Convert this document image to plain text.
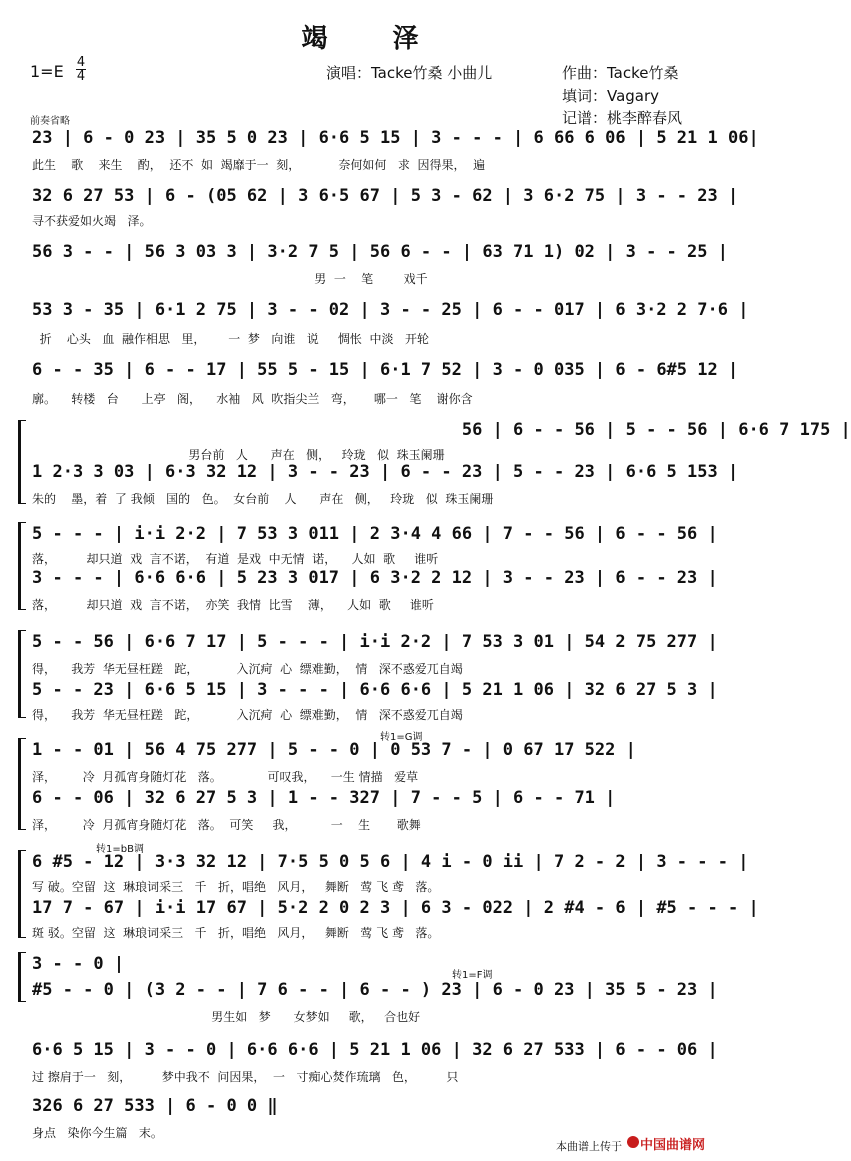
竭 泽
1=E 4
4	演唱：Tacke竹桑 小曲儿	作曲：Tacke竹桑
填词：Vagary
记谱：桃李醉春风
前奏省略
23 | 6 - 0 23 | 35 5 0 23 | 6·6 5 15 | 3 - - - | 6 66 6 06 | 5 21 1 06|
此生    歌    来生    酌，  还不  如  竭靡于一  刻，          奈何如何   求  因得果，  遍
32 6 27 53 | 6 - (05 62 | 3 6·5 67 | 5 3 - 62 | 3 6·2 75 | 3 - - 23 |
寻不获爱如火竭   泽。
56 3 - - | 56 3 03 3 | 3·2 7 5 | 56 6 - - | 63 71 1) 02 | 3 - - 25 |
男  一    笔        戏千
53 3 - 35 | 6·1 2 75 | 3 - - 02 | 3 - - 25 | 6 - - 017 | 6 3·2 2 7·6 |
折    心头   血  融作相思   里，      一  梦   向谁   说     惆怅  中淡   开轮
6 - - 35 | 6 - - 17 | 55 5 - 15 | 6·1 7 52 | 3 - 0 035 | 6 - 6#5 12 |
廓。    转楼   台      上亭   阁，    水袖   风  吹指尖兰   弯，     哪一   笔    谢你含
56 | 6 - - 56 | 5 - - 56 | 6·6 7 175 |
男台前   人      声在   侧，   玲珑   似  珠玉阑珊
1 2·3 3 03 | 6·3 32 12 | 3 - - 23 | 6 - - 23 | 5 - - 23 | 6·6 5 153 |
朱的    墨，着  了 我倾   国的   色。  女台前    人      声在   侧，   玲珑   似  珠玉阑珊
5 - - - | i·i 2·2 | 7 53 3 011 | 2 3·4 4 66 | 7 - - 56 | 6 - - 56 |
落，        却只道  戏  言不诺，  有道  是戏  中无情  诺，    人如  歌     谁听
3 - - - | 6·6 6·6 | 5 23 3 017 | 6 3·2 2 12 | 3 - - 23 | 6 - - 23 |
落，        却只道  戏  言不诺，  亦笑  我情  比雪    薄，    人如  歌     谁听
5 - - 56 | 6·6 7 17 | 5 - - - | i·i 2·2 | 7 53 3 01 | 54 2 75 277 |
得，    我芳  华无昼枉蹉   跎，          入沉疴  心  缥难勤，  情   深不惑爱兀自竭
5 - - 23 | 6·6 5 15 | 3 - - - | 6·6 6·6 | 5 21 1 06 | 32 6 27 5 3 |
得，    我芳  华无昼枉蹉   跎，          入沉疴  心  缥难勤，  情   深不惑爱兀自竭
转1=G调
1 - - 01 | 56 4 75 277 | 5 - - 0 | 0 53 7 - | 0 67 17 522 |
泽，       冷  月孤宵身随灯花   落。            可叹我，    一生 情描   爱草
6 - - 06 | 32 6 27 5 3 | 1 - - 327 | 7 - - 5 | 6 - - 71 |
泽，       冷  月孤宵身随灯花   落。  可笑     我，         一    生       歌舞
转1=bB调
6 #5 - 12 | 3·3 32 12 | 7·5 5 0 5 6 | 4 i - 0 ii | 7 2 - 2 | 3 - - - |
写 破。空留  这  琳琅词采三   千   折，唱绝   风月，   舞断   莺 飞 鸢   落。
17 7 - 67 | i·i 17 67 | 5·2 2 0 2 3 | 6 3 - 022 | 2 #4 - 6 | #5 - - - |
斑 驳。空留  这  琳琅词采三   千   折，唱绝   风月，   舞断   莺 飞 鸢   落。
3 - - 0 |
转1=F调
#5 - - 0 | (3 2 - - | 7 6 - - | 6 - - ) 23 | 6 - 0 23 | 35 5 - 23 |
男生如   梦      女梦如     歌，   合也好
6·6 5 15 | 3 - - 0 | 6·6 6·6 | 5 21 1 06 | 32 6 27 533 | 6 - - 06 |
过 擦肩于一   刻，        梦中我不  问因果，  一   寸痴心焚作琉璃   色，        只
326 6 27 533 | 6 - 0 0 ‖
身点   染你今生篇   末。
本曲谱上传于 中国曲谱网
